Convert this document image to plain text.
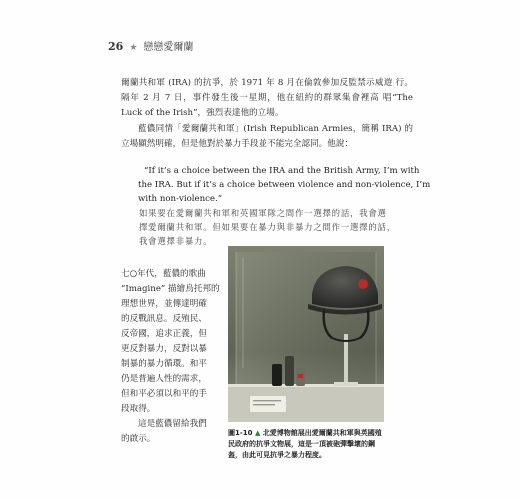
26 ★ 戀戀愛爾蘭
爾蘭共和軍 (IRA) 的抗爭，於 1971 年 8 月在倫敦參加反監禁示威遊 行。隔年 2 月 7 日，事件發生後一星期，他在紐約的群眾集會裡高 唱“The Luck of the Irish”，強烈表達他的立場。
藍儂同情「愛爾蘭共和軍」(Irish Republican Armies，簡稱 IRA) 的立場顯然明確，但是他對於暴力手段並不能完全認同。他說：
“If it’s a choice between the IRA and the British Army, I’m with
the IRA. But if it’s a choice between violence and non-violence, I’m
with non-violence.”
如果要在愛爾蘭共和軍和英國軍隊之間作一選擇的話，我會選
擇愛爾蘭共和軍。但如果要在暴力與非暴力之間作一選擇的話，
我會選擇非暴力。
七○年代，藍儂的歌曲
“Imagine” 描繪烏托邦的
理想世界，並傳達明確
的反戰訊息。反殖民、
反帝國，追求正義，但
更反對暴力，反對以暴
制暴的暴力循環。和平
仍是普遍人性的需求，
但和平必須以和平的手
段取得。
這是藍儂留給我們
的啟示。
圖1-10 ▲ 北愛博物館展出愛爾蘭共和軍與英國殖
民政府的抗爭文物展，這是一頂被砲彈擊壞的鋼
盔，由此可見抗爭之暴力程度。
